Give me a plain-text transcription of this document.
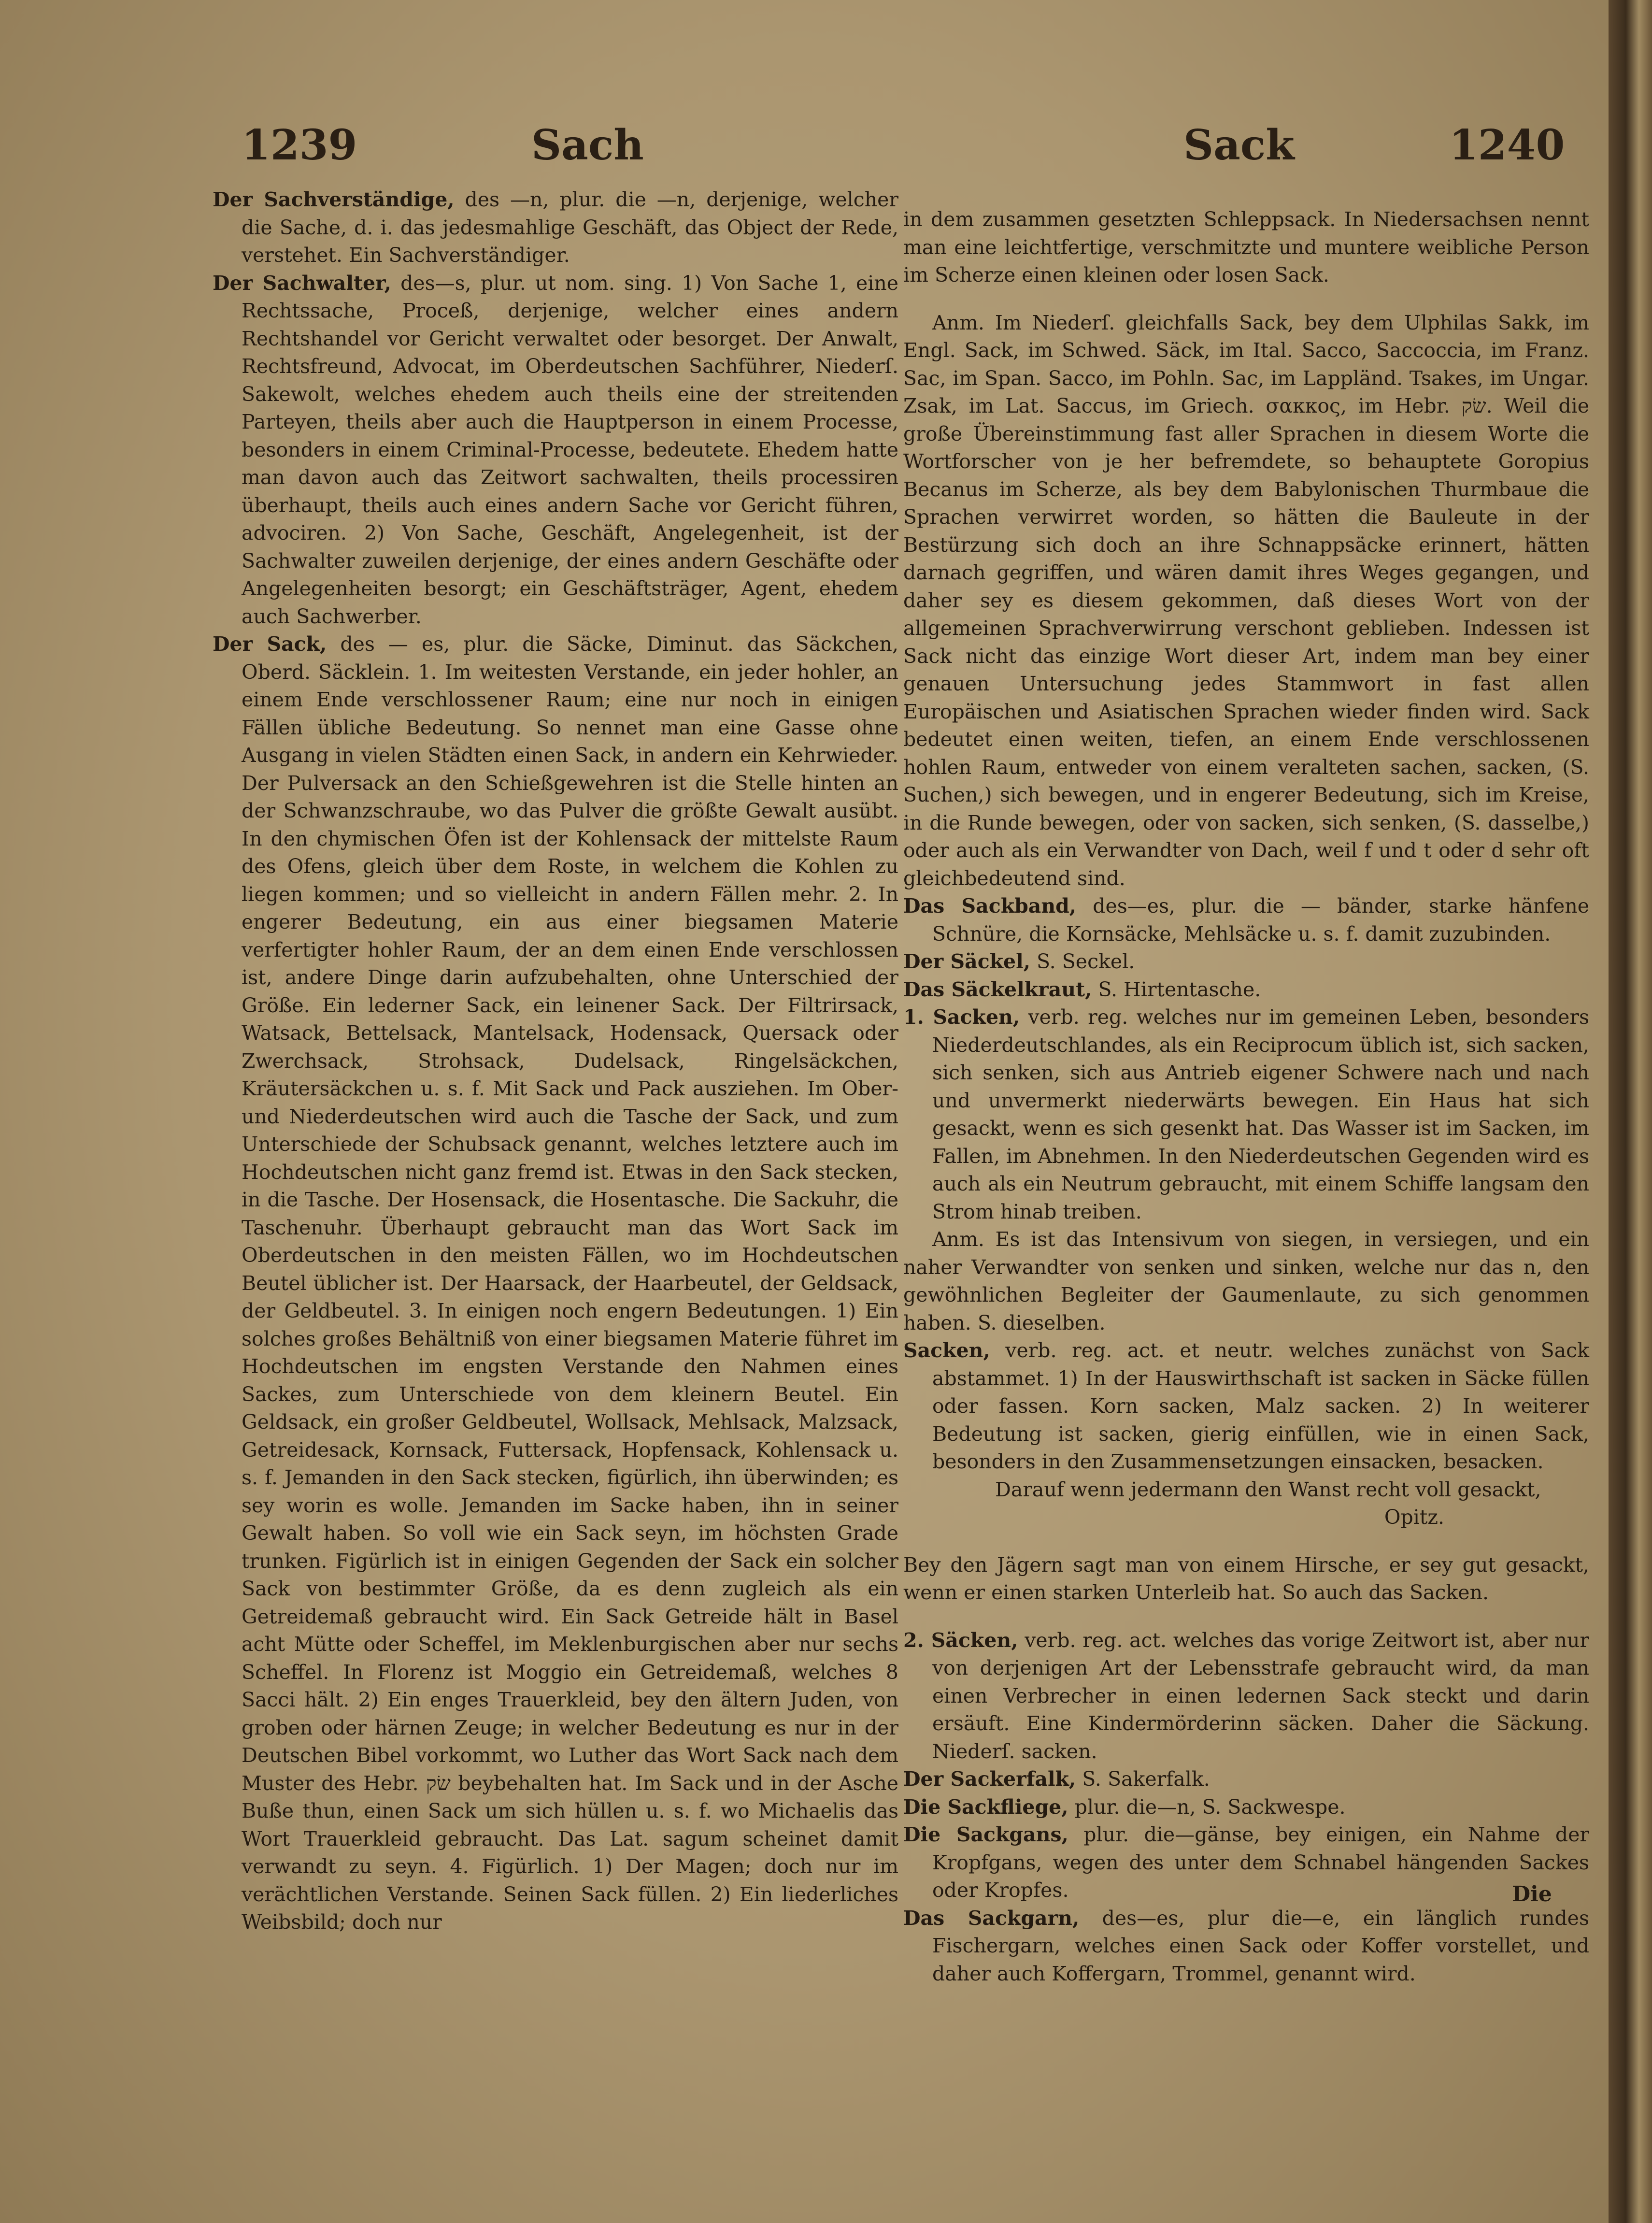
1239	Sach	Sack	1240

Der Sachverständige, des —n, plur. die —n, derjenige, welcher die Sache, d. i. das jedesmahlige Geschäft, das Object der Rede, verstehet. Ein Sachverständiger.

Der Sachwalter, des—s, plur. ut nom. sing. 1) Von Sache 1, eine Rechtssache, Proceß, derjenige, welcher eines andern Rechtshandel vor Gericht verwaltet oder besorget. Der Anwalt, Rechtsfreund, Advocat, im Oberdeutschen Sachführer, Niederſ. Sakewolt, welches ehedem auch theils eine der streitenden Parteyen, theils aber auch die Hauptperson in einem Processe, besonders in einem Criminal-Processe, bedeutete. Ehedem hatte man davon auch das Zeitwort sachwalten, theils processiren überhaupt, theils auch eines andern Sache vor Gericht führen, advociren. 2) Von Sache, Geschäft, Angelegenheit, ist der Sachwalter zuweilen derjenige, der eines andern Geschäfte oder Angelegenheiten besorgt; ein Geschäftsträger, Agent, ehedem auch Sachwerber.

Der Sack, des — es, plur. die Säcke, Diminut. das Säckchen, Oberd. Säcklein. 1. Im weitesten Verstande, ein jeder hohler, an einem Ende verschlossener Raum; eine nur noch in einigen Fällen übliche Bedeutung. So nennet man eine Gasse ohne Ausgang in vielen Städten einen Sack, in andern ein Kehrwieder. Der Pulversack an den Schießgewehren ist die Stelle hinten an der Schwanzschraube, wo das Pulver die größte Gewalt ausübt. In den chymischen Öfen ist der Kohlensack der mittelste Raum des Ofens, gleich über dem Roste, in welchem die Kohlen zu liegen kommen; und so vielleicht in andern Fällen mehr. 2. In engerer Bedeutung, ein aus einer biegsamen Materie verfertigter hohler Raum, der an dem einen Ende verschlossen ist, andere Dinge darin aufzubehalten, ohne Unterschied der Größe. Ein lederner Sack, ein leinener Sack. Der Filtrirsack, Watsack, Bettelsack, Mantelsack, Hodensack, Quersack oder Zwerchsack, Strohsack, Dudelsack, Ringelsäckchen, Kräutersäckchen u. s. f. Mit Sack und Pack ausziehen. Im Ober- und Niederdeutschen wird auch die Tasche der Sack, und zum Unterschiede der Schubsack genannt, welches letztere auch im Hochdeutschen nicht ganz fremd ist. Etwas in den Sack stecken, in die Tasche. Der Hosensack, die Hosentasche. Die Sackuhr, die Taschenuhr. Überhaupt gebraucht man das Wort Sack im Oberdeutschen in den meisten Fällen, wo im Hochdeutschen Beutel üblicher ist. Der Haarsack, der Haarbeutel, der Geldsack, der Geldbeutel. 3. In einigen noch engern Bedeutungen. 1) Ein solches großes Behältniß von einer biegsamen Materie führet im Hochdeutschen im engsten Verstande den Nahmen eines Sackes, zum Unterschiede von dem kleinern Beutel. Ein Geldsack, ein großer Geldbeutel, Wollsack, Mehlsack, Malzsack, Getreidesack, Kornsack, Futtersack, Hopfensack, Kohlensack u. s. f. Jemanden in den Sack stecken, figürlich, ihn überwinden; es sey worin es wolle. Jemanden im Sacke haben, ihn in seiner Gewalt haben. So voll wie ein Sack seyn, im höchsten Grade trunken. Figürlich ist in einigen Gegenden der Sack ein solcher Sack von bestimmter Größe, da es denn zugleich als ein Getreidemaß gebraucht wird. Ein Sack Getreide hält in Basel acht Mütte oder Scheffel, im Meklenburgischen aber nur sechs Scheffel. In Florenz ist Moggio ein Getreidemaß, welches 8 Sacci hält. 2) Ein enges Trauerkleid, bey den ältern Juden, von groben oder härnen Zeuge; in welcher Bedeutung es nur in der Deutschen Bibel vorkommt, wo Luther das Wort Sack nach dem Muster des Hebr. שׂק beybehalten hat. Im Sack und in der Asche Buße thun, einen Sack um sich hüllen u. s. f. wo Michaelis das Wort Trauerkleid gebraucht. Das Lat. sagum scheinet damit verwandt zu seyn. 4. Figürlich. 1) Der Magen; doch nur im verächtlichen Verstande. Seinen Sack füllen. 2) Ein liederliches Weibsbild; doch nur

in dem zusammen gesetzten Schleppsack. In Niedersachsen nennt man eine leichtfertige, verschmitzte und muntere weibliche Person im Scherze einen kleinen oder losen Sack.

Anm. Im Niederſ. gleichfalls Sack, bey dem Ulphilas Sakk, im Engl. Sack, im Schwed. Säck, im Ital. Sacco, Saccoccia, im Franz. Sac, im Span. Sacco, im Pohln. Sac, im Lappländ. Tsakes, im Ungar. Zsak, im Lat. Saccus, im Griech. σακκος, im Hebr. שׂק. Weil die große Übereinstimmung fast aller Sprachen in diesem Worte die Wortforscher von je her befremdete, so behauptete Goropius Becanus im Scherze, als bey dem Babylonischen Thurmbaue die Sprachen verwirret worden, so hätten die Bauleute in der Bestürzung sich doch an ihre Schnappsäcke erinnert, hätten darnach gegriffen, und wären damit ihres Weges gegangen, und daher sey es diesem gekommen, daß dieses Wort von der allgemeinen Sprachverwirrung verschont geblieben. Indessen ist Sack nicht das einzige Wort dieser Art, indem man bey einer genauen Untersuchung jedes Stammwort in fast allen Europäischen und Asiatischen Sprachen wieder finden wird. Sack bedeutet einen weiten, tiefen, an einem Ende verschlossenen hohlen Raum, entweder von einem veralteten sachen, sacken, (S. Suchen,) sich bewegen, und in engerer Bedeutung, sich im Kreise, in die Runde bewegen, oder von sacken, sich senken, (S. dasselbe,) oder auch als ein Verwandter von Dach, weil f und t oder d sehr oft gleichbedeutend sind.

Das Sackband, des—es, plur. die — bänder, starke hänfene Schnüre, die Kornsäcke, Mehlsäcke u. s. f. damit zuzubinden.

Der Säckel, S. Seckel.

Das Säckelkraut, S. Hirtentasche.

1. Sacken, verb. reg. welches nur im gemeinen Leben, besonders Niederdeutschlandes, als ein Reciprocum üblich ist, sich sacken, sich senken, sich aus Antrieb eigener Schwere nach und nach und unvermerkt niederwärts bewegen. Ein Haus hat sich gesackt, wenn es sich gesenkt hat. Das Wasser ist im Sacken, im Fallen, im Abnehmen. In den Niederdeutschen Gegenden wird es auch als ein Neutrum gebraucht, mit einem Schiffe langsam den Strom hinab treiben.

Anm. Es ist das Intensivum von siegen, in versiegen, und ein naher Verwandter von senken und sinken, welche nur das n, den gewöhnlichen Begleiter der Gaumenlaute, zu sich genommen haben. S. dieselben.

Sacken, verb. reg. act. et neutr. welches zunächst von Sack abstammet. 1) In der Hauswirthschaft ist sacken in Säcke füllen oder fassen. Korn sacken, Malz sacken. 2) In weiterer Bedeutung ist sacken, gierig einfüllen, wie in einen Sack, besonders in den Zusammensetzungen einsacken, besacken.

Darauf wenn jedermann den Wanst recht voll gesackt,

Opitz.

Bey den Jägern sagt man von einem Hirsche, er sey gut gesackt, wenn er einen starken Unterleib hat. So auch das Sacken.

2. Säcken, verb. reg. act. welches das vorige Zeitwort ist, aber nur von derjenigen Art der Lebensstrafe gebraucht wird, da man einen Verbrecher in einen ledernen Sack steckt und darin ersäuft. Eine Kindermörderinn säcken. Daher die Säckung. Niederſ. sacken.

Der Sackerfalk, S. Sakerfalk.

Die Sackfliege, plur. die—n, S. Sackwespe.

Die Sackgans, plur. die—gänse, bey einigen, ein Nahme der Kropfgans, wegen des unter dem Schnabel hängenden Sackes oder Kropfes.

Das Sackgarn, des—es, plur die—e, ein länglich rundes Fischergarn, welches einen Sack oder Koffer vorstellet, und daher auch Koffergarn, Trommel, genannt wird.

Die
